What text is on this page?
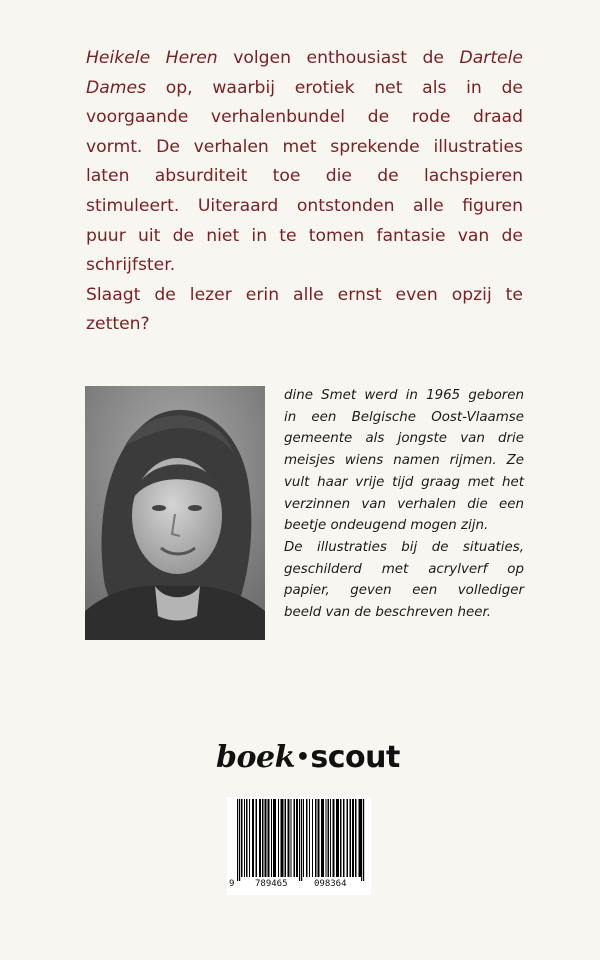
Heikele Heren volgen enthousiast de Dartele

Dames op, waarbij erotiek net als in de

voorgaande verhalenbundel de rode draad

vormt. De verhalen met sprekende illustraties

laten absurditeit toe die de lachspieren

stimuleert. Uiteraard ontstonden alle figuren

puur uit de niet in te tomen fantasie van de

schrijfster.

Slaagt de lezer erin alle ernst even opzij te

zetten?

dine Smet werd in 1965 geboren

in een Belgische Oost-Vlaamse

gemeente als jongste van drie

meisjes wiens namen rijmen. Ze

vult haar vrije tijd graag met het

verzinnen van verhalen die een

beetje ondeugend mogen zijn.

De illustraties bij de situaties,

geschilderd met acrylverf op

papier, geven een vollediger

beeld van de beschreven heer.

boek•scout
9 789465	098364
